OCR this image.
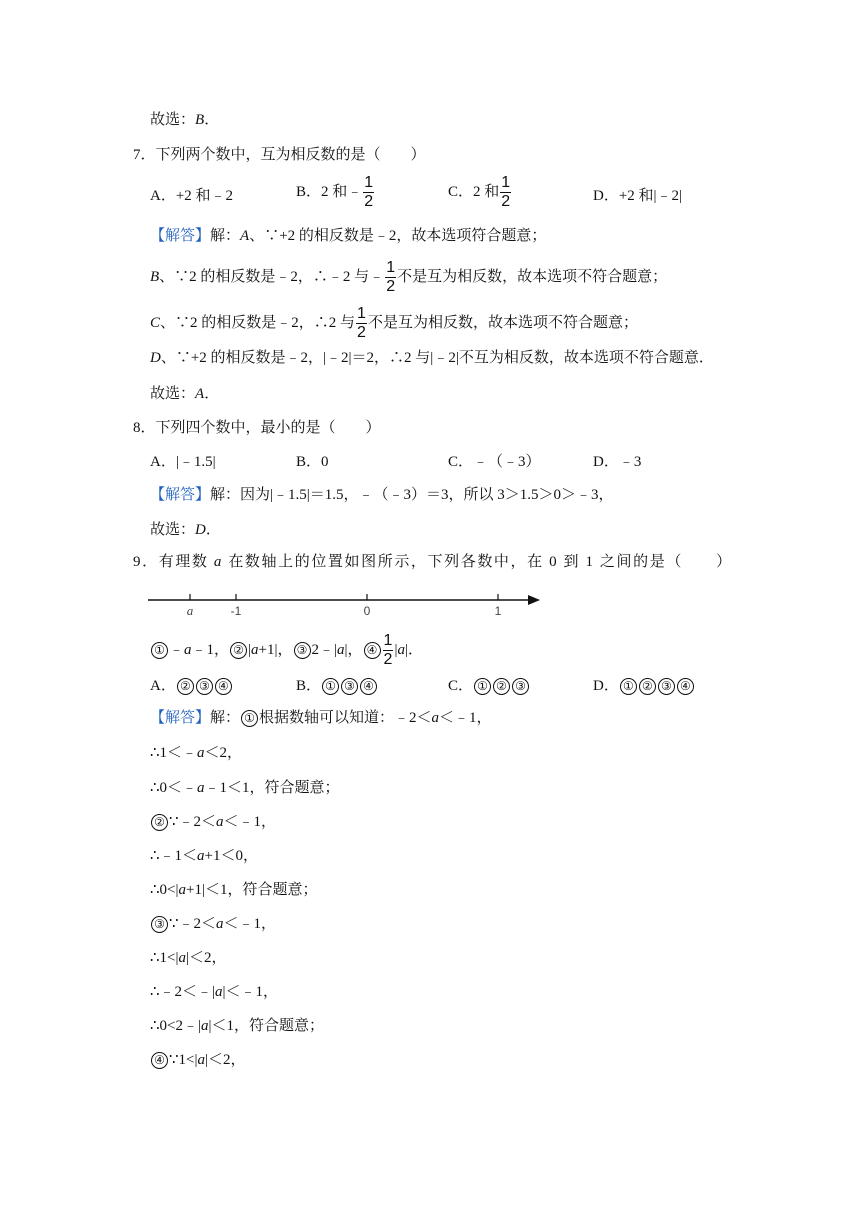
故选：B．
7．下列两个数中，互为相反数的是（　　）
A．+2 和﹣2	B．2 和﹣ $\frac{1}{2}$	C．2 和 $\frac{1}{2}$	D．+2 和|﹣2|
【解答】解：A、∵+2 的相反数是﹣2，故本选项符合题意；
B、∵2 的相反数是﹣2，∴﹣2 与﹣ $\frac{1}{2}$ 不是互为相反数，故本选项不符合题意；
C、∵2 的相反数是﹣2，∴2 与 $\frac{1}{2}$ 不是互为相反数，故本选项不符合题意；
D、∵+2 的相反数是﹣2，|﹣2|＝2，∴2 与|﹣2|不互为相反数，故本选项不符合题意．
故选：A．
8．下列四个数中，最小的是（　　）
A．|﹣1.5|	B．0	C．﹣（﹣3）	D．﹣3
【解答】解：因为|﹣1.5|＝1.5，﹣（﹣3）＝3，所以 3＞1.5＞0＞﹣3，
故选：D．
9．有理数 a 在数轴上的位置如图所示，下列各数中，在 0 到 1 之间的是（　　）
a	-1	0	1
① ﹣a﹣1， ② |a+1|， ③ 2﹣|a|， ④ $\frac{1}{2} |a|$．
A． ② ③ ④	B． ① ③ ④	C． ① ② ③	D． ① ② ③ ④
【解答】解： ① 根据数轴可以知道：﹣2＜a＜﹣1，
∴1＜﹣a＜2，
∴0＜﹣a﹣1＜1，符合题意；
② ∵﹣2＜a＜﹣1，
∴﹣1＜a+1＜0，
∴0<|a+1|＜1，符合题意；
③ ∵﹣2＜a＜﹣1，
∴1<|a|＜2，
∴﹣2＜﹣|a|＜﹣1，
∴0<2﹣|a|＜1，符合题意；
④ ∵1<|a|＜2，
